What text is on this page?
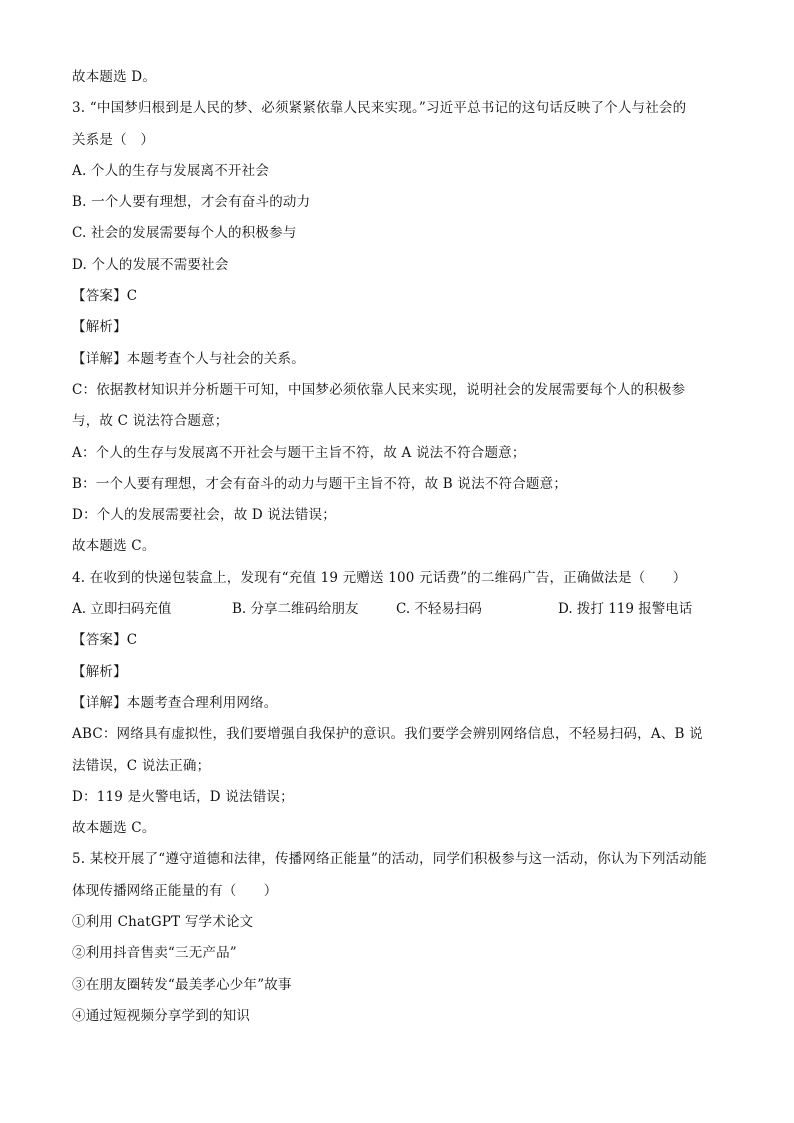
故本题选 D。
3. “中国梦归根到是人民的梦、必须紧紧依靠人民来实现。”习近平总书记的这句话反映了个人与社会的
关系是（　）
A. 个人的生存与发展离不开社会
B. 一个人要有理想，才会有奋斗的动力
C. 社会的发展需要每个人的积极参与
D. 个人的发展不需要社会
【答案】C
【解析】
【详解】本题考查个人与社会的关系。
C：依据教材知识并分析题干可知，中国梦必须依靠人民来实现，说明社会的发展需要每个人的积极参
与，故 C 说法符合题意；
A：个人的生存与发展离不开社会与题干主旨不符，故 A 说法不符合题意；
B：一个人要有理想，才会有奋斗的动力与题干主旨不符，故 B 说法不符合题意；
D：个人的发展需要社会，故 D 说法错误；
故本题选 C。
4. 在收到的快递包装盒上，发现有“充值 19 元赠送 100 元话费”的二维码广告，正确做法是（　　）
A. 立即扫码充值	B. 分享二维码给朋友	C. 不轻易扫码	D. 拨打 119 报警电话
【答案】C
【解析】
【详解】本题考查合理利用网络。
ABC：网络具有虚拟性，我们要增强自我保护的意识。我们要学会辨别网络信息，不轻易扫码，A、B 说
法错误，C 说法正确；
D：119 是火警电话，D 说法错误；
故本题选 C。
5. 某校开展了“遵守道德和法律，传播网络正能量”的活动，同学们积极参与这一活动，你认为下列活动能
体现传播网络正能量的有（　　）
①利用 ChatGPT 写学术论文
②利用抖音售卖“三无产品”
③在朋友圈转发“最美孝心少年”故事
④通过短视频分享学到的知识
